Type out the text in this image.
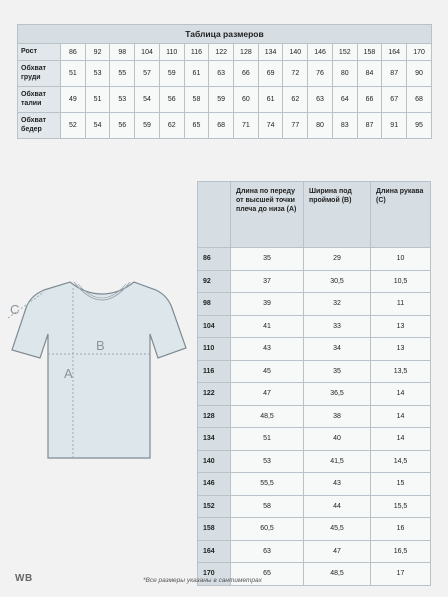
Таблица размеров															
Рост	86	92	98	104	110	116	122	128	134	140	146	152	158	164	170
Обхват груди	51	53	55	57	59	61	63	66	69	72	76	80	84	87	90
Обхват талии	49	51	53	54	56	58	59	60	61	62	63	64	66	67	68
Обхват бедер	52	54	56	59	62	65	68	71	74	77	80	83	87	91	95
	Длина по переду от высшей точки плеча до низа (А)	Ширина под проймой (В)	Длина рукава (С)
86	35	29	10
92	37	30,5	10,5
98	39	32	11
104	41	33	13
110	43	34	13
116	45	35	13,5
122	47	36,5	14
128	48,5	38	14
134	51	40	14
140	53	41,5	14,5
146	55,5	43	15
152	58	44	15,5
158	60,5	45,5	16
164	63	47	16,5
170	65	48,5	17
A
B
C
WB	*Все размеры указаны в сантиметрах
